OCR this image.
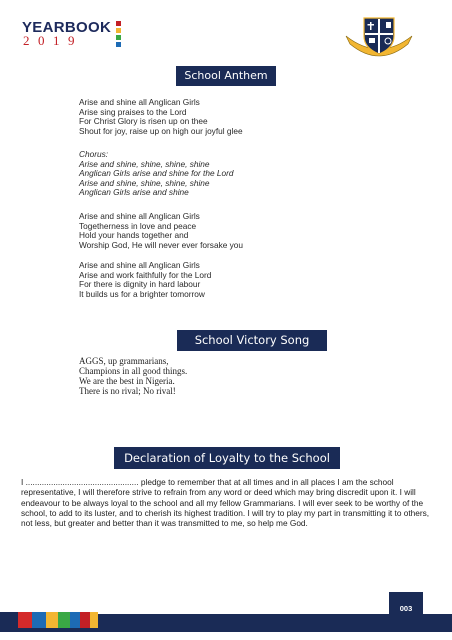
YEARBOOK
2019
School Anthem
Arise and shine all Anglican Girls
Arise sing praises to the Lord
For Christ Glory is risen up on thee
Shout for joy, raise up on high our joyful glee
Chorus:
Arise and shine, shine, shine, shine
Anglican Girls arise and shine for the Lord
Arise and shine, shine, shine, shine
Anglican Girls arise and shine
Arise and shine all Anglican Girls
Togetherness in love and peace
Hold your hands together and
Worship God, He will never ever forsake you
Arise and shine all Anglican Girls
Arise and work faithfully for the Lord
For there is dignity in hard labour
It builds us for a brighter tomorrow
School Victory Song
AGGS, up grammarians,
Champions in all good things.
We are the best in Nigeria.
There is no rival; No rival!
Declaration of Loyalty to the School
I ................................................. pledge to remember that at all times and in all places I am the school representative, I will therefore strive to refrain from any word or deed which may bring discredit upon it. I will endeavour to be always loyal to the school and all my fellow Grammarians. I will ever seek to be worthy of the school, to add to its luster, and to cherish its highest tradition. I will try to play my part in transmitting it to others, not less, but greater and better than it was transmitted to me, so help me God.
003
